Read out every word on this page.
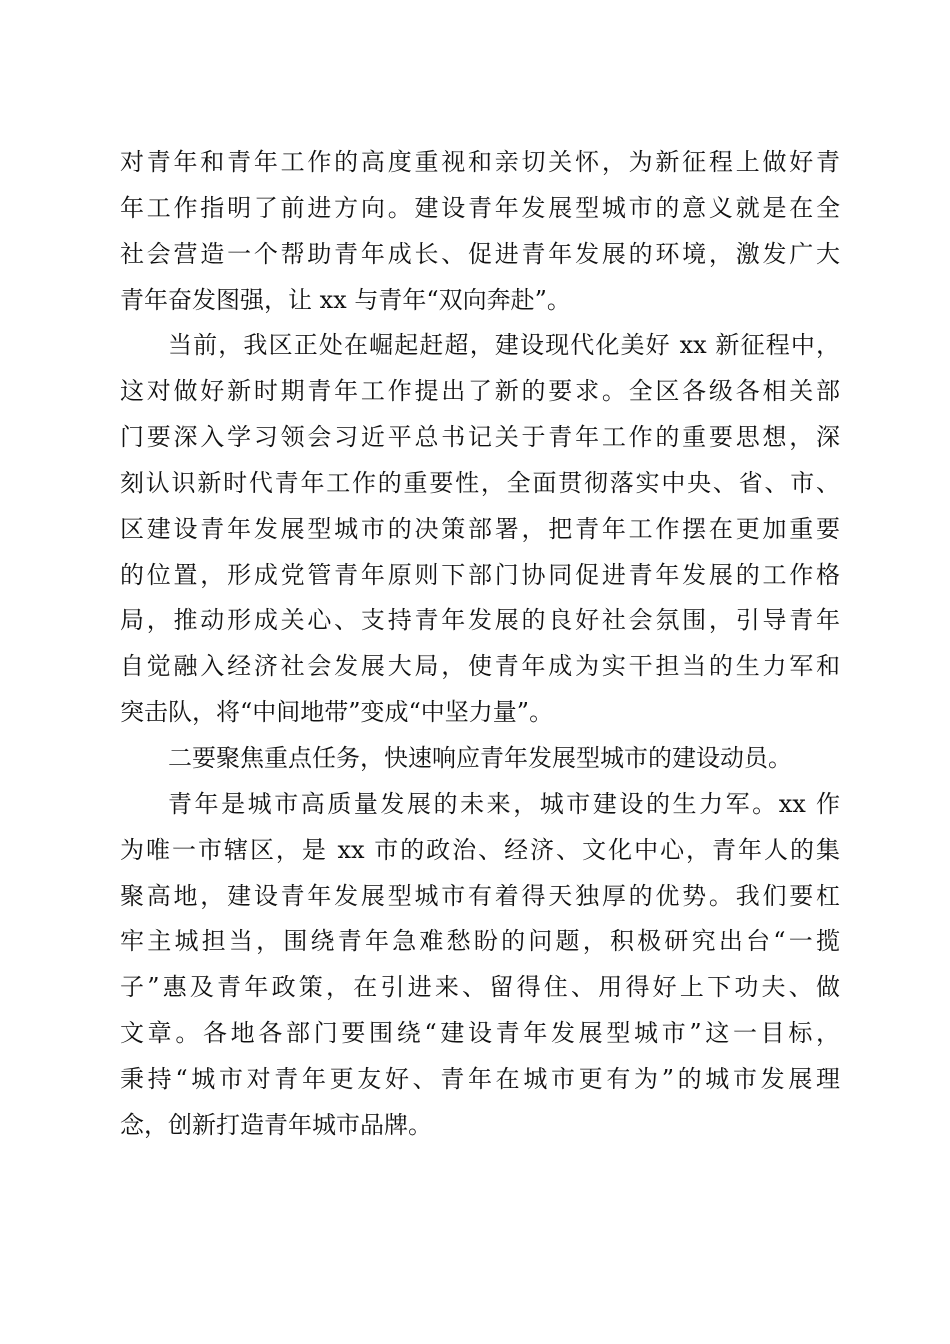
对青年和青年工作的高度重视和亲切关怀，为新征程上做好青
年工作指明了前进方向。建设青年发展型城市的意义就是在全
社会营造一个帮助青年成长、促进青年发展的环境，激发广大
青年奋发图强，让 xx 与青年“双向奔赴”。
当前，我区正处在崛起赶超，建设现代化美好 xx 新征程中，
这对做好新时期青年工作提出了新的要求。全区各级各相关部
门要深入学习领会习近平总书记关于青年工作的重要思想，深
刻认识新时代青年工作的重要性，全面贯彻落实中央、省、市、
区建设青年发展型城市的决策部署，把青年工作摆在更加重要
的位置，形成党管青年原则下部门协同促进青年发展的工作格
局，推动形成关心、支持青年发展的良好社会氛围，引导青年
自觉融入经济社会发展大局，使青年成为实干担当的生力军和
突击队，将“中间地带”变成“中坚力量”。
二要聚焦重点任务，快速响应青年发展型城市的建设动员。
青年是城市高质量发展的未来，城市建设的生力军。xx 作
为唯一市辖区，是 xx 市的政治、经济、文化中心，青年人的集
聚高地，建设青年发展型城市有着得天独厚的优势。我们要杠
牢主城担当，围绕青年急难愁盼的问题，积极研究出台“一揽
子”惠及青年政策，在引进来、留得住、用得好上下功夫、做
文章。各地各部门要围绕“建设青年发展型城市”这一目标，
秉持“城市对青年更友好、青年在城市更有为”的城市发展理
念，创新打造青年城市品牌。
